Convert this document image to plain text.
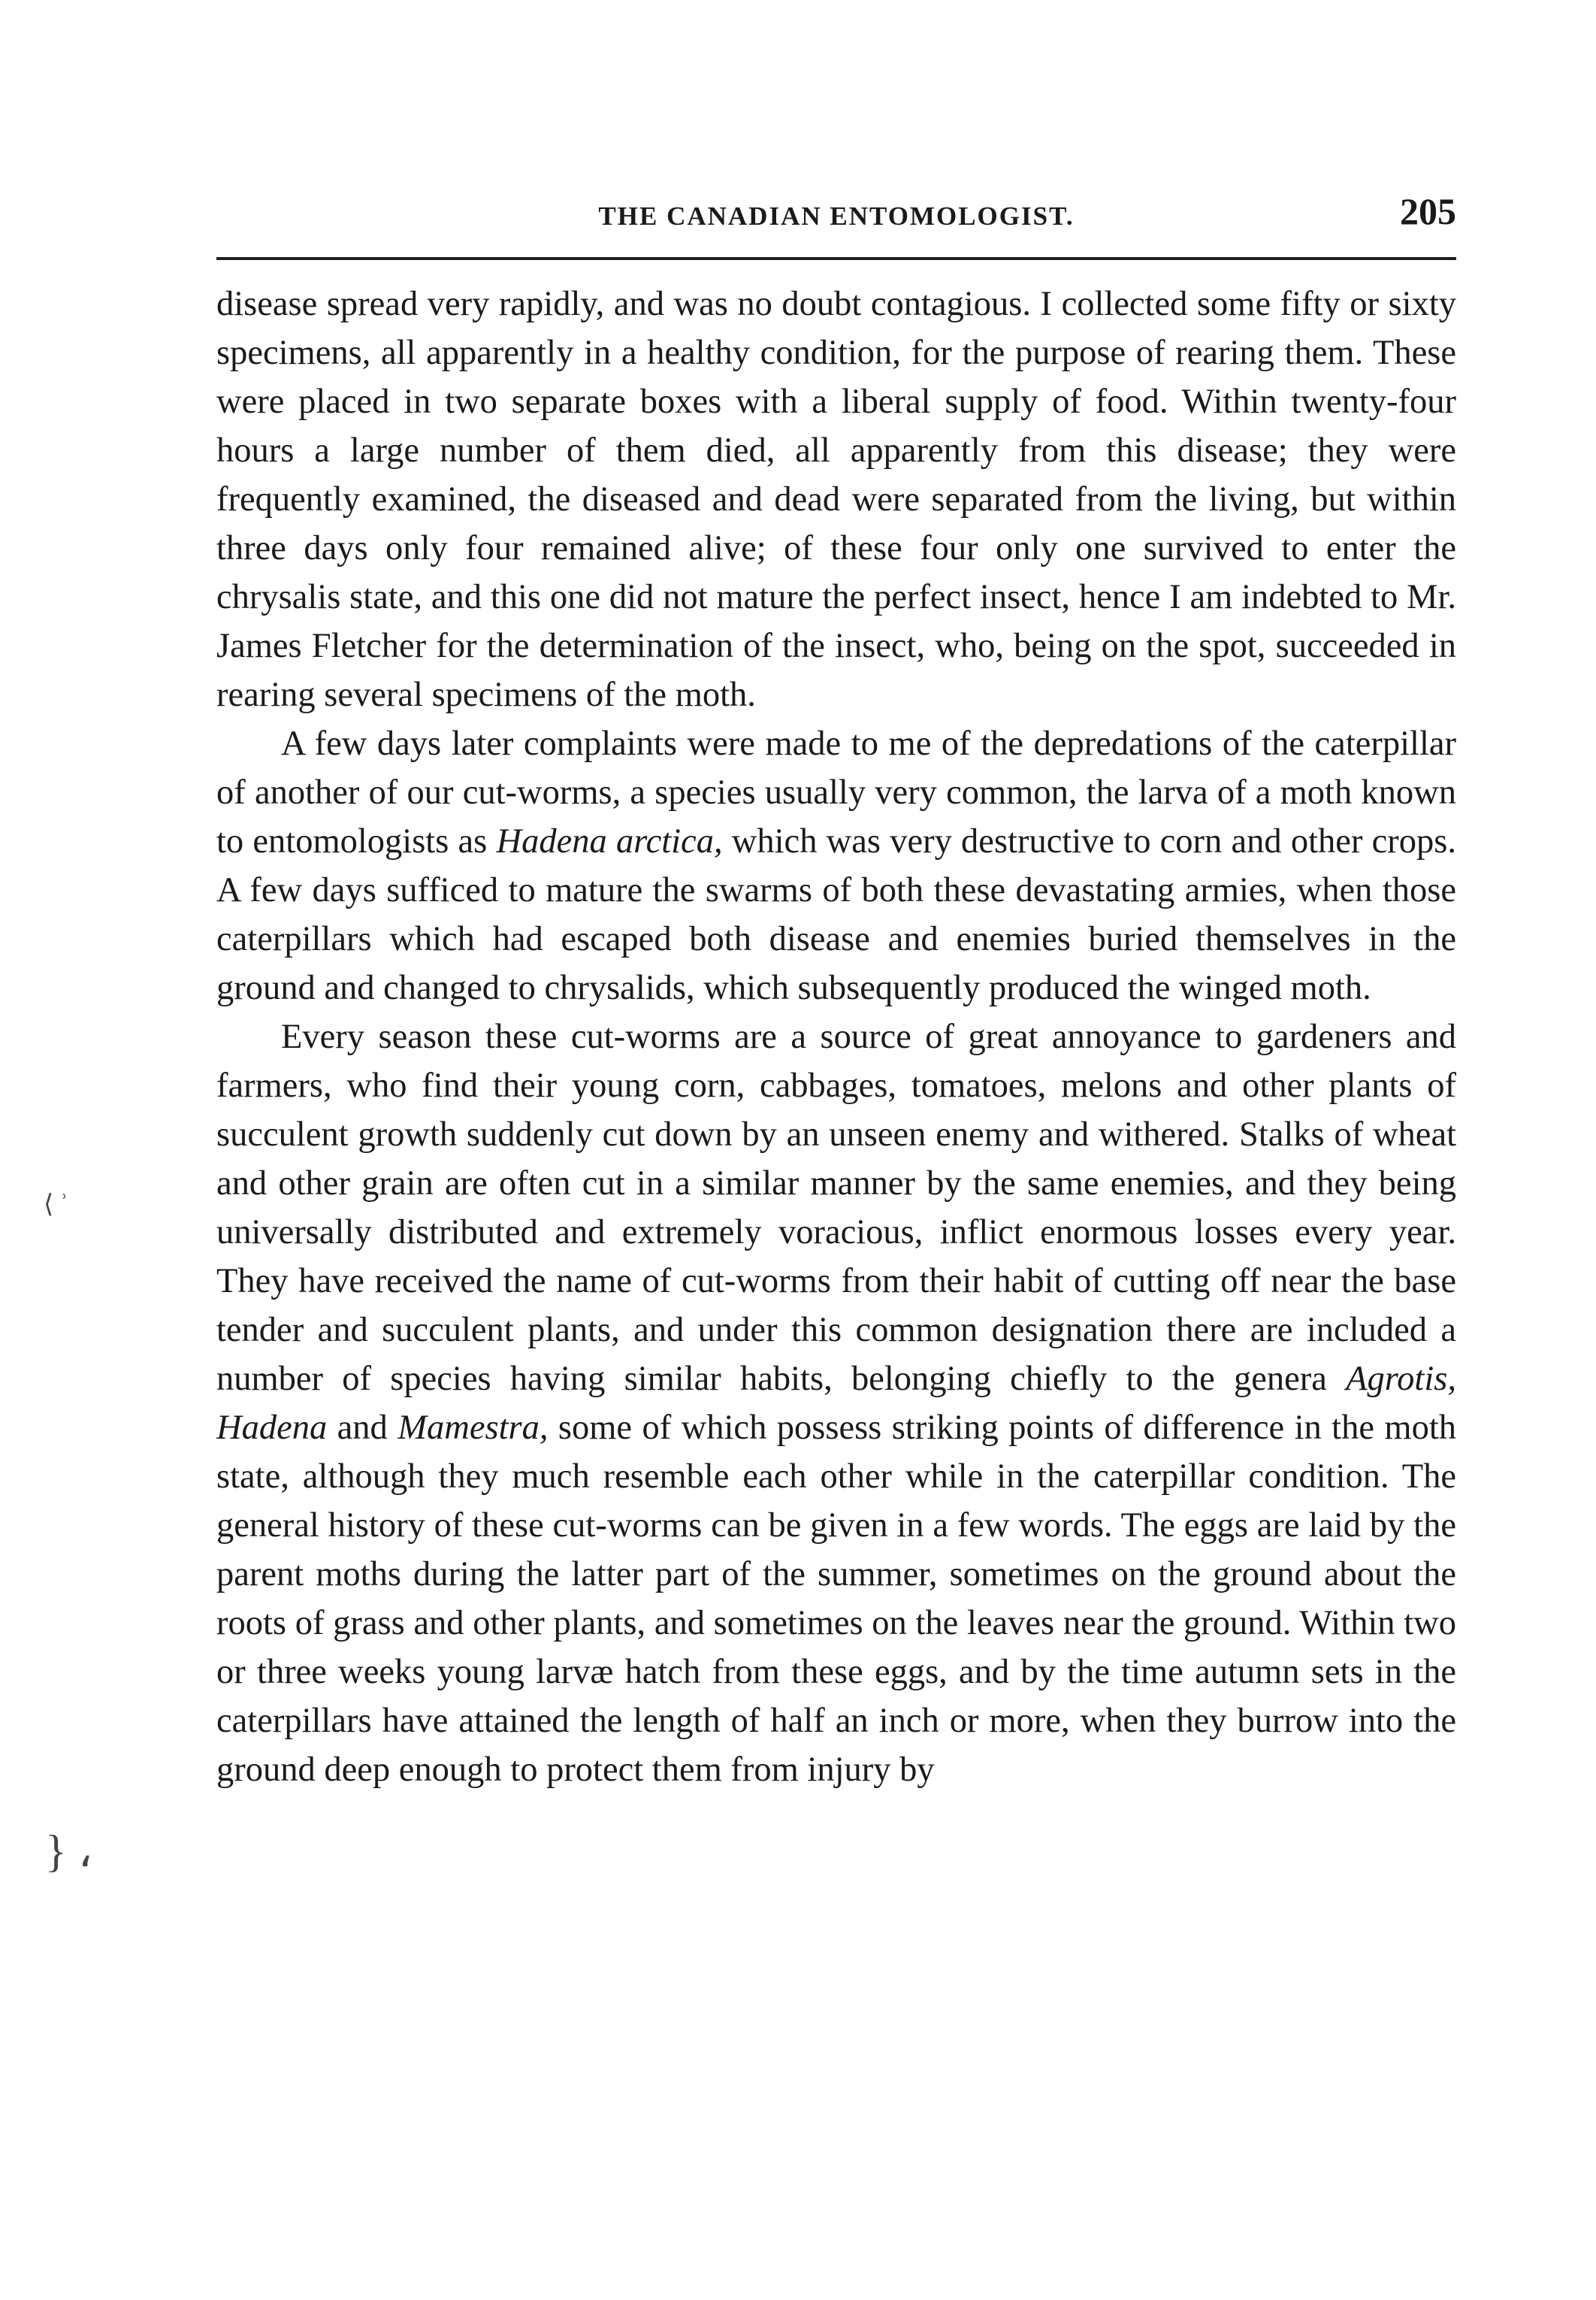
THE CANADIAN ENTOMOLOGIST.	205

disease spread very rapidly, and was no doubt contagious. I collected some fifty or sixty specimens, all apparently in a healthy condition, for the purpose of rearing them. These were placed in two separate boxes with a liberal supply of food. Within twenty-four hours a large number of them died, all apparently from this disease; they were frequently examined, the diseased and dead were separated from the living, but within three days only four remained alive; of these four only one survived to enter the chrysalis state, and this one did not mature the perfect insect, hence I am indebted to Mr. James Fletcher for the determination of the insect, who, being on the spot, succeeded in rearing several specimens of the moth.

A few days later complaints were made to me of the depredations of the caterpillar of another of our cut-worms, a species usually very common, the larva of a moth known to entomologists as Hadena arctica, which was very destructive to corn and other crops. A few days sufficed to mature the swarms of both these devastating armies, when those caterpillars which had escaped both disease and enemies buried themselves in the ground and changed to chrysalids, which subsequently produced the winged moth.

Every season these cut-worms are a source of great annoyance to gardeners and farmers, who find their young corn, cabbages, tomatoes, melons and other plants of succulent growth suddenly cut down by an unseen enemy and withered. Stalks of wheat and other grain are often cut in a similar manner by the same enemies, and they being universally distributed and extremely voracious, inflict enormous losses every year. They have received the name of cut-worms from their habit of cutting off near the base tender and succulent plants, and under this common designation there are included a number of species having similar habits, belonging chiefly to the genera Agrotis, Hadena and Mamestra, some of which possess striking points of difference in the moth state, although they much resemble each other while in the caterpillar condition. The general history of these cut-worms can be given in a few words. The eggs are laid by the parent moths during the latter part of the summer, sometimes on the ground about the roots of grass and other plants, and sometimes on the leaves near the ground. Within two or three weeks young larvæ hatch from these eggs, and by the time autumn sets in the caterpillars have attained the length of half an inch or more, when they burrow into the ground deep enough to protect them from injury by

⟨ ʾ
} ،
